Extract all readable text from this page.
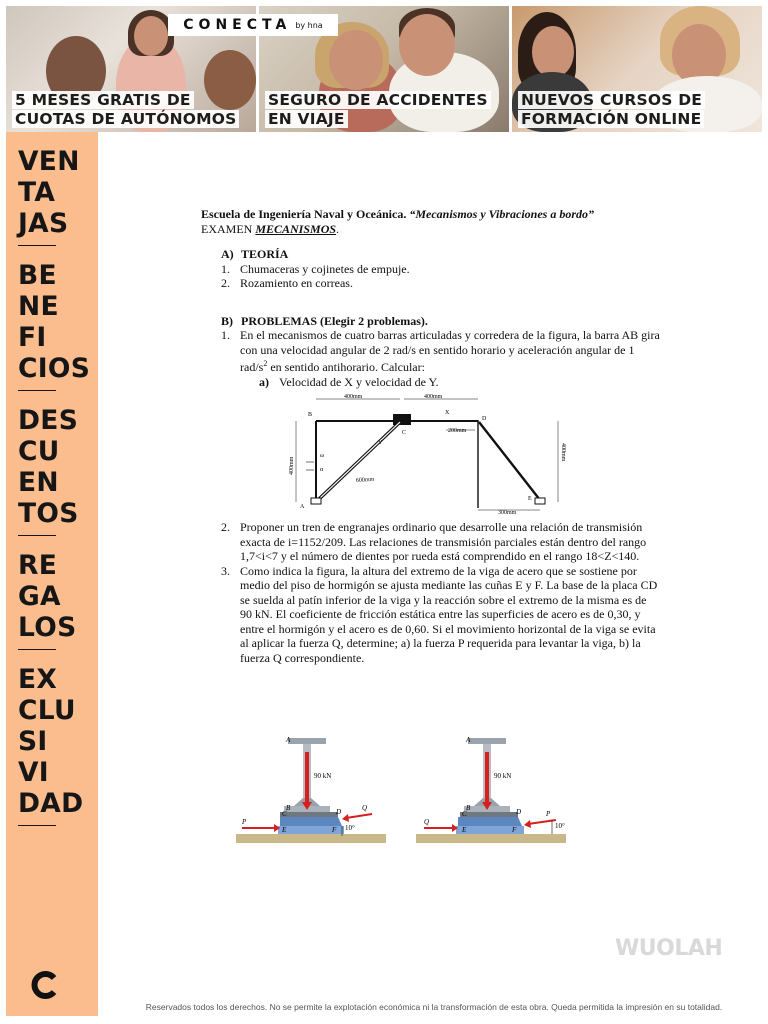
5 MESES GRATIS DE
CUOTAS DE AUTÓNOMOS
SEGURO DE ACCIDENTES
EN VIAJE
NUEVOS CURSOS DE
FORMACIÓN ONLINE
CONECTA by hna
VEN
TA
JAS
BE
NE
FI
CIOS
DES
CU
EN
TOS
RE
GA
LOS
EX
CLU
SI
VI
DAD
Escuela de Ingeniería Naval y Oceánica. “Mecanismos y Vibraciones a bordo”
EXAMEN MECANISMOS.
A) TEORÍA
1. Chumaceras y cojinetes de empuje.
2. Rozamiento en correas.
B) PROBLEMAS (Elegir 2 problemas).
1. En el mecanismos de cuatro barras articuladas y corredera de la figura, la barra AB gira con una velocidad angular de 2 rad/s en sentido horario y aceleración angular de 1 rad/$s^2$ en sentido antihorario. Calcular:
a) Velocidad de X y velocidad de Y.
2. Proponer un tren de engranajes ordinario que desarrolle una relación de transmisión exacta de i=1152/209. Las relaciones de transmisión parciales están dentro del rango 1,7<i<7 y el número de dientes por rueda está comprendido en el rango 18<Z<140.
3. Como indica la figura, la altura del extremo de la viga de acero que se sostiene por medio del piso de hormigón se ajusta mediante las cuñas E y F. La base de la placa CD se suelda al patín inferior de la viga y la reacción sobre el extremo de la misma es de 90 kN. El coeficiente de fricción estática entre las superficies de acero es de 0,30, y entre el hormigón y el acero es de 0,60. Si el movimiento horizontal de la viga se evita al aplicar la fuerza Q, determine; a) la fuerza P requerida para levantar la viga, b) la fuerza Q correspondiente.
400mm	400mm
200mm
400mm
400mm
600mm
300mm
ω
α
B
A
C
X
D
E
Y
90 kN
P
Q
10°
A
B
C	D
E	F
90 kN
Q
P
10°
A
B
C	D
E	F
WUOLAH
Reservados todos los derechos. No se permite la explotación económica ni la transformación de esta obra. Queda permitida la impresión en su totalidad.
